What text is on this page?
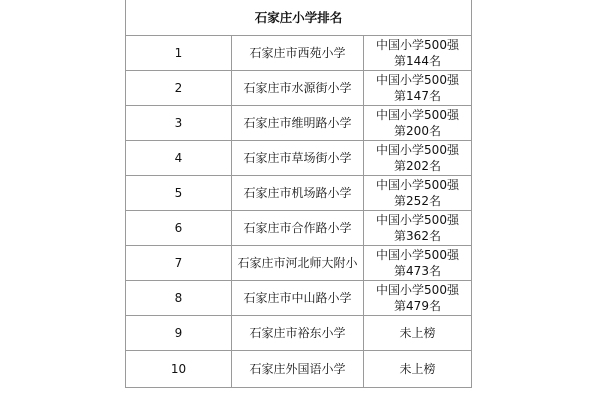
石家庄小学排名		
1	石家庄市西苑小学	中国小学500强
第144名

2	石家庄市水源街小学	中国小学500强
第147名

3	石家庄市维明路小学	中国小学500强
第200名

4	石家庄市草场街小学	中国小学500强
第202名

5	石家庄市机场路小学	中国小学500强
第252名

6	石家庄市合作路小学	中国小学500强
第362名

7	石家庄市河北师大附小	中国小学500强
第473名

8	石家庄市中山路小学	中国小学500强
第479名

9	石家庄市裕东小学	未上榜
10	石家庄外国语小学	未上榜
